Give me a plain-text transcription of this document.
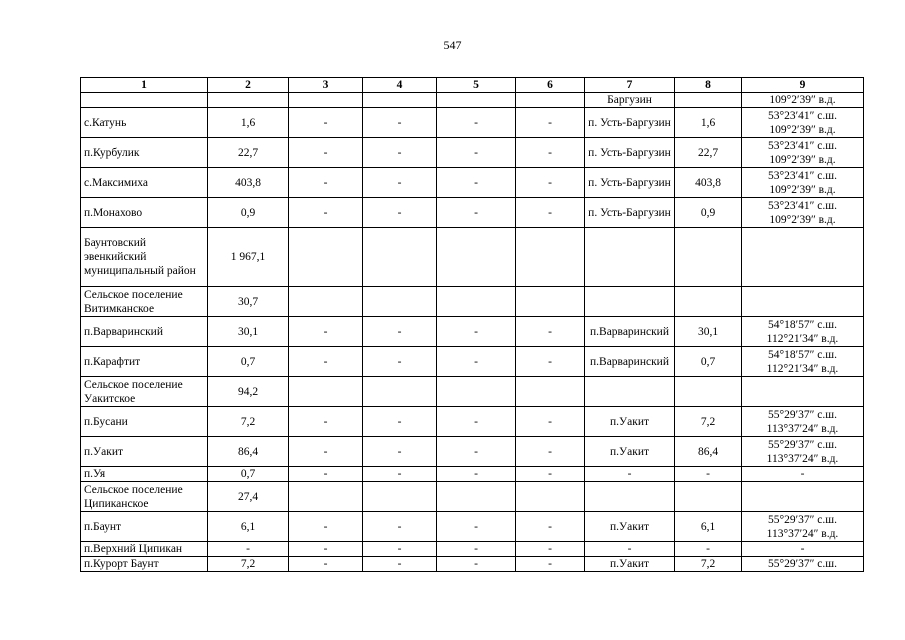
547
1	2	3	4	5	6	7	8	9
						Баргузин		109°2′39″ в.д.
с.Катунь	1,6	-	-	-	-	п. Усть-Баргузин	1,6	53°23′41″ с.ш. 109°2′39″ в.д.
п.Курбулик	22,7	-	-	-	-	п. Усть-Баргузин	22,7	53°23′41″ с.ш. 109°2′39″ в.д.
с.Максимиха	403,8	-	-	-	-	п. Усть-Баргузин	403,8	53°23′41″ с.ш. 109°2′39″ в.д.
п.Монахово	0,9	-	-	-	-	п. Усть-Баргузин	0,9	53°23′41″ с.ш. 109°2′39″ в.д.
Баунтовский эвенкийский муниципальный район	1 967,1							
Сельское поселение Витимканское	30,7							
п.Варваринский	30,1	-	-	-	-	п.Варваринский	30,1	54°18′57″ с.ш. 112°21′34″ в.д.
п.Карафтит	0,7	-	-	-	-	п.Варваринский	0,7	54°18′57″ с.ш. 112°21′34″ в.д.
Сельское поселение Уакитское	94,2							
п.Бусани	7,2	-	-	-	-	п.Уакит	7,2	55°29′37″ с.ш. 113°37′24″ в.д.
п.Уакит	86,4	-	-	-	-	п.Уакит	86,4	55°29′37″ с.ш. 113°37′24″ в.д.
п.Уя	0,7	-	-	-	-	-	-	-
Сельское поселение Ципиканское	27,4							
п.Баунт	6,1	-	-	-	-	п.Уакит	6,1	55°29′37″ с.ш. 113°37′24″ в.д.
п.Верхний Ципикан	-	-	-	-	-	-	-	-
п.Курорт Баунт	7,2	-	-	-	-	п.Уакит	7,2	55°29′37″ с.ш.
